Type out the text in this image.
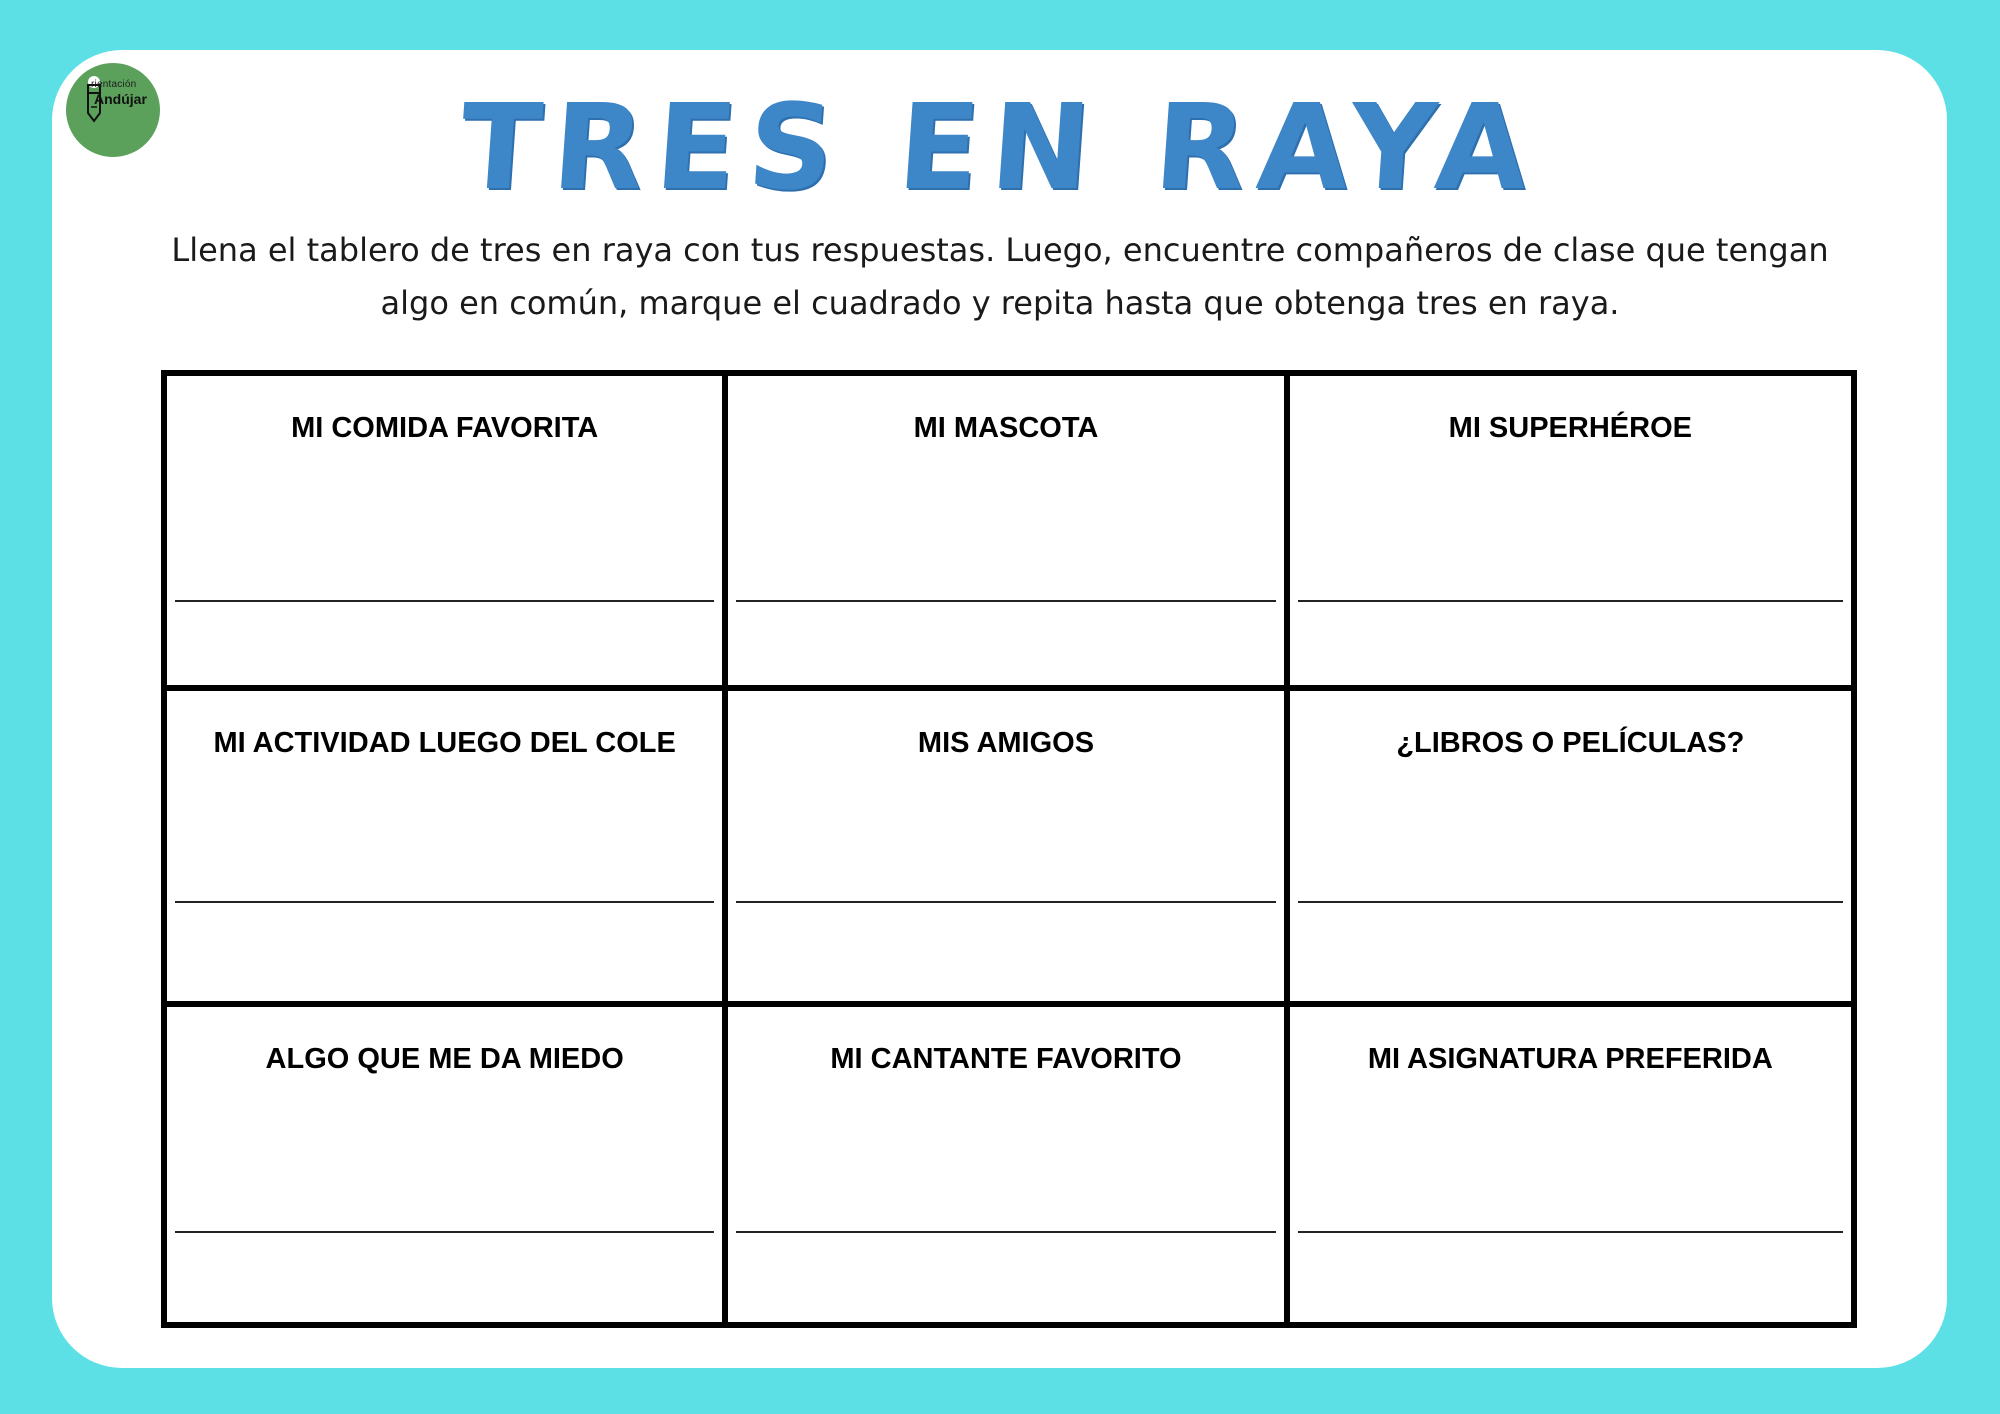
rientación
Andújar	TRES EN RAYA
Llena el tablero de tres en raya con tus respuestas. Luego, encuentre compañeros de clase que tengan
algo en común, marque el cuadrado y repita hasta que obtenga tres en raya.
MI COMIDA FAVORITA	MI MASCOTA	MI SUPERHÉROE
MI ACTIVIDAD LUEGO DEL COLE	MIS AMIGOS	¿LIBROS O PELÍCULAS?
ALGO QUE ME DA MIEDO	MI CANTANTE FAVORITO	MI ASIGNATURA PREFERIDA
